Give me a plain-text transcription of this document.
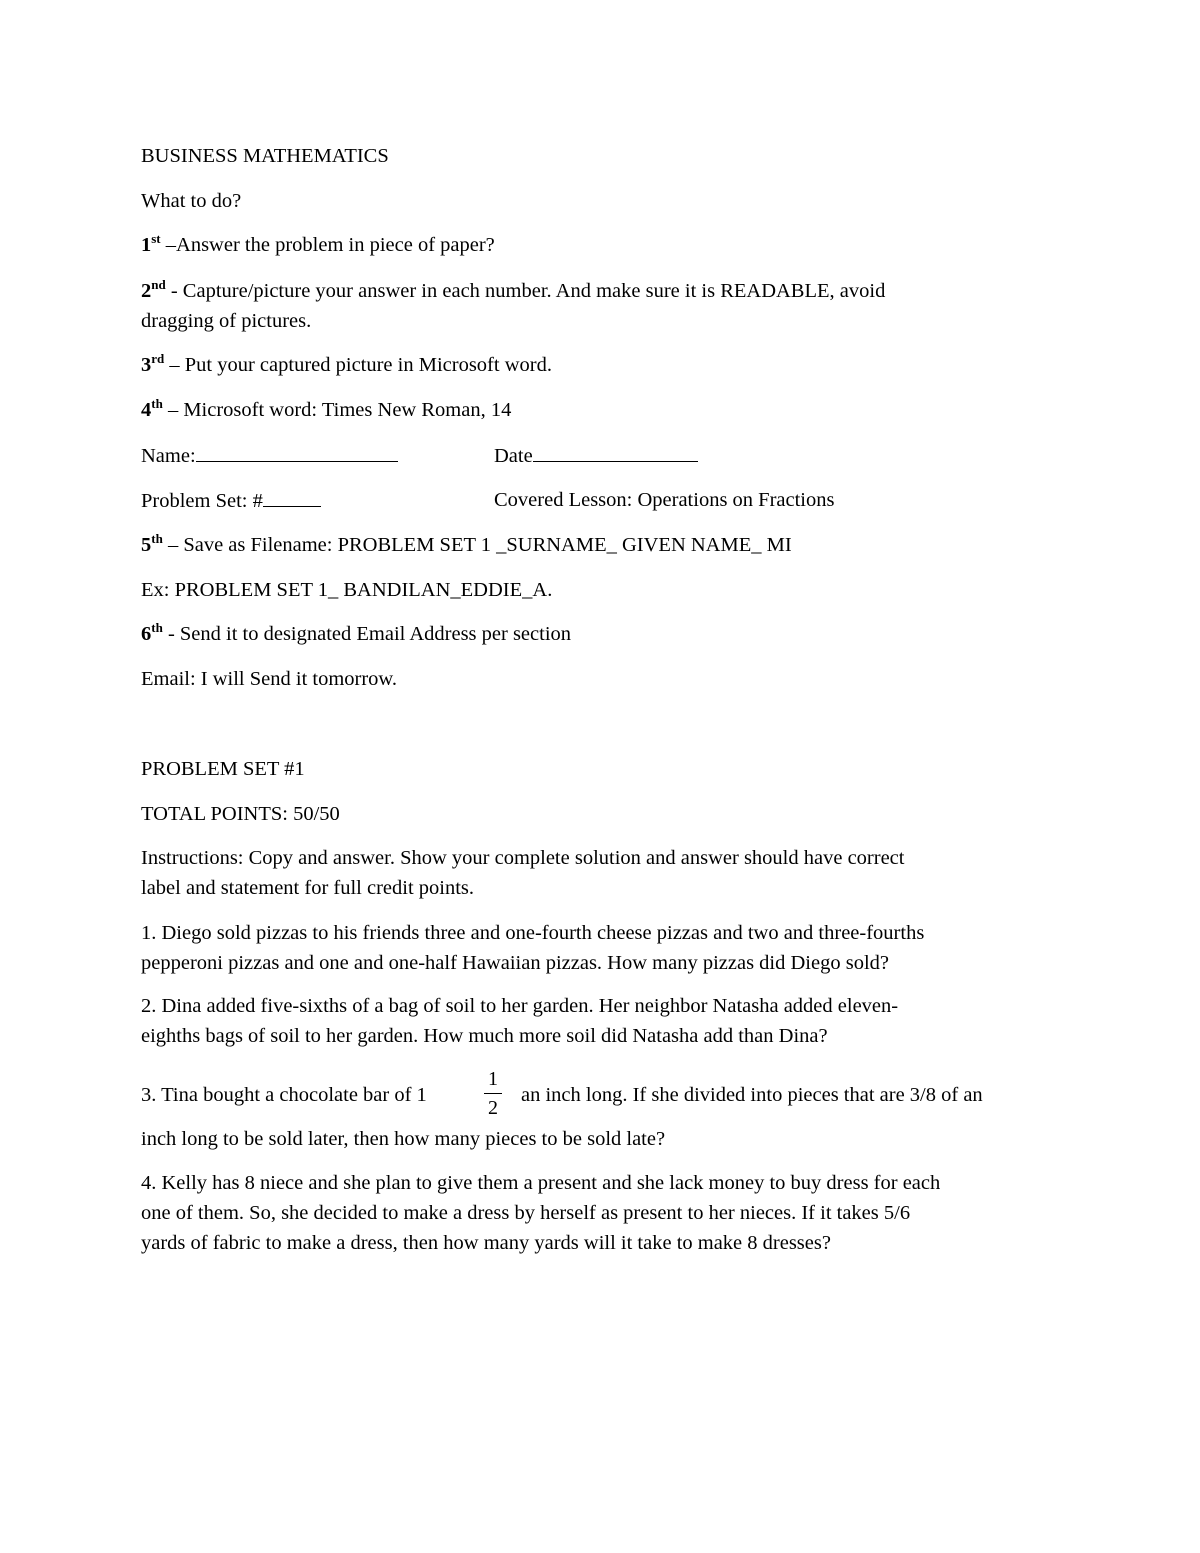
BUSINESS MATHEMATICS
What to do?
1st –Answer the problem in piece of paper?
2nd - Capture/picture your answer in each number. And make sure it is READABLE, avoid
dragging of pictures.
3rd – Put your captured picture in Microsoft word.
4th – Microsoft word: Times New Roman, 14
Name:	Date
Problem Set: #	Covered Lesson: Operations on Fractions
5th – Save as Filename: PROBLEM SET 1 _SURNAME_ GIVEN NAME_ MI
Ex: PROBLEM SET 1_ BANDILAN_EDDIE_A.
6th - Send it to designated Email Address per section
Email: I will Send it tomorrow.
PROBLEM SET #1
TOTAL POINTS: 50/50
Instructions: Copy and answer. Show your complete solution and answer should have correct
label and statement for full credit points.
1. Diego sold pizzas to his friends three and one-fourth cheese pizzas and two and three-fourths
pepperoni pizzas and one and one-half Hawaiian pizzas. How many pizzas did Diego sold?
2. Dina added five-sixths of a bag of soil to her garden. Her neighbor Natasha added eleven-
eighths bags of soil to her garden. How much more soil did Natasha add than Dina?
3. Tina bought a chocolate bar of 1
1
2
an inch long. If she divided into pieces that are 3/8 of an
inch long to be sold later, then how many pieces to be sold late?
4. Kelly has 8 niece and she plan to give them a present and she lack money to buy dress for each
one of them. So, she decided to make a dress by herself as present to her nieces. If it takes 5/6
yards of fabric to make a dress, then how many yards will it take to make 8 dresses?
